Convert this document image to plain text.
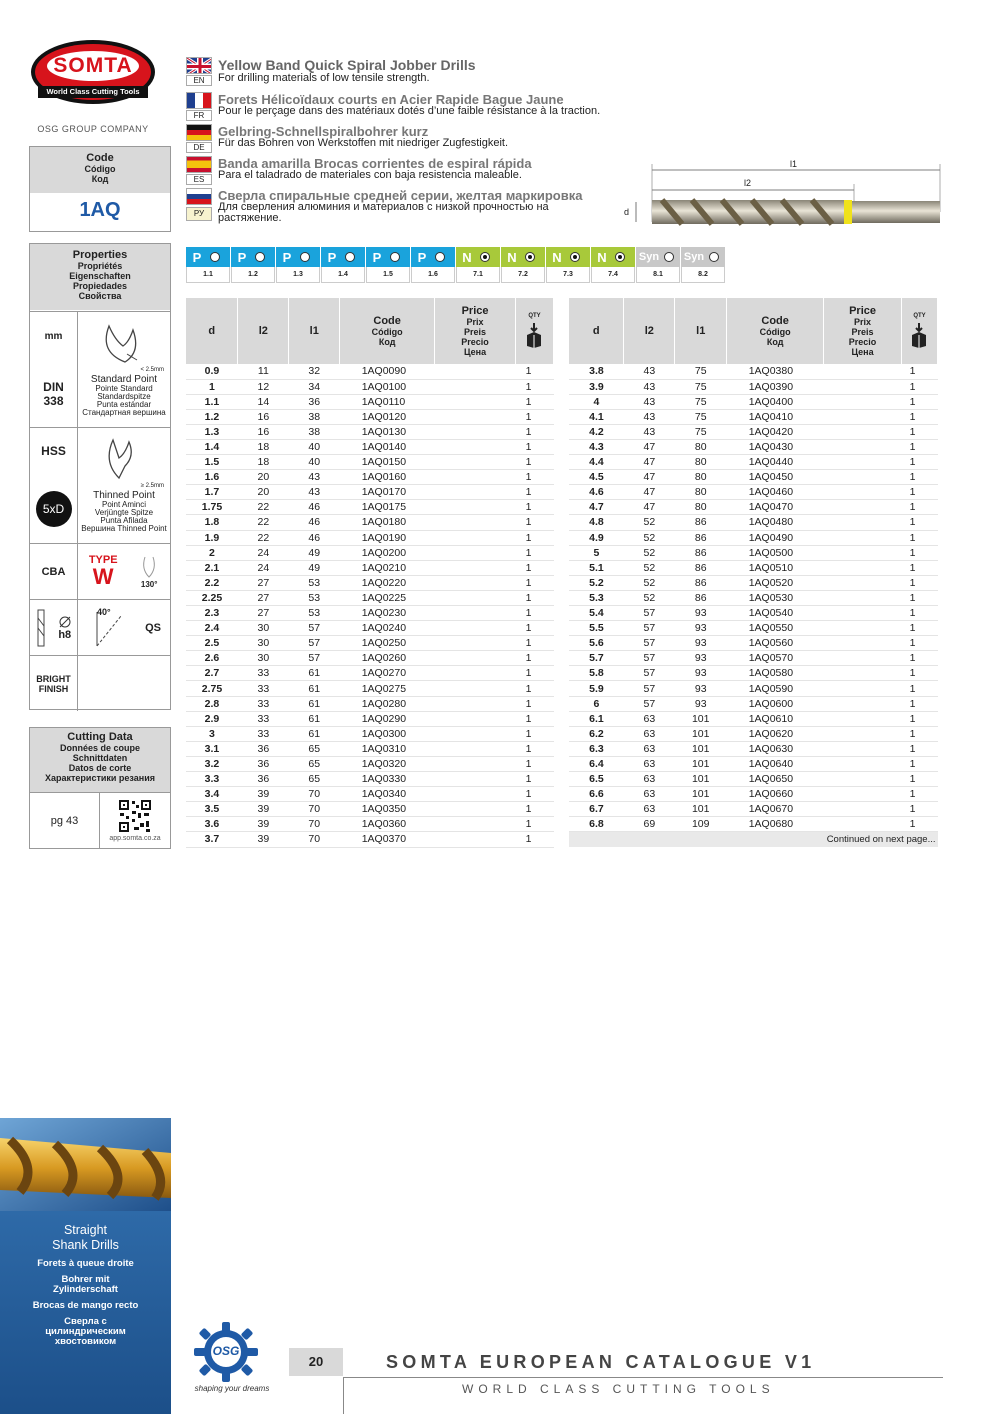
SOMTA
World Class Cutting Tools
OSG GROUP COMPANY
Code
Código
Код
1AQ
Properties
Propriétés
Eigenschaften
Propiedades
Свойства
mm
DIN 338
< 2.5mm
Standard Point
Pointe Standard
Standardspitze
Punta estándar
Стандартная вершина
HSS
5xD
≥ 2.5mm
Thinned Point
Point Aminci
Verjüngte Spitze
Punta Afilada
Вершина Thinned Point
CBA
TYPE
W	130°
h8
40°
QS
BRIGHT FINISH
Cutting Data
Données de coupe
Schnittdaten
Datos de corte
Характеристики резания
pg 43
app.somta.co.za
EN
Yellow Band Quick Spiral Jobber Drills
For drilling materials of low tensile strength.
FR
Forets Hélicoïdaux courts en Acier Rapide Bague Jaune
Pour le perçage dans des matériaux dotés d’une faible résistance à la traction.
DE
Gelbring-Schnellspiralbohrer kurz
Für das Bohren von Werkstoffen mit niedriger Zugfestigkeit.
ES
Banda amarilla Brocas corrientes de espiral rápida
Para el taladrado de materiales con baja resistencia maleable.
РУ
Сверла спиральные средней серии, желтая маркировка
Для сверления алюминия и материалов с низкой прочностью на
растяжение.
l1
l2
d
P
1.1
P
1.2
P
1.3
P
1.4
P
1.5
P
1.6
N
7.1
N
7.2
N
7.3
N
7.4
Syn
8.1
Syn
8.2
d	l2	l1	Code
Código
Код	Price
Prix
Preis
Precio
Цена	QTY

0.9	11	32	1AQ0090		1
1	12	34	1AQ0100		1
1.1	14	36	1AQ0110		1
1.2	16	38	1AQ0120		1
1.3	16	38	1AQ0130		1
1.4	18	40	1AQ0140		1
1.5	18	40	1AQ0150		1
1.6	20	43	1AQ0160		1
1.7	20	43	1AQ0170		1
1.75	22	46	1AQ0175		1
1.8	22	46	1AQ0180		1
1.9	22	46	1AQ0190		1
2	24	49	1AQ0200		1
2.1	24	49	1AQ0210		1
2.2	27	53	1AQ0220		1
2.25	27	53	1AQ0225		1
2.3	27	53	1AQ0230		1
2.4	30	57	1AQ0240		1
2.5	30	57	1AQ0250		1
2.6	30	57	1AQ0260		1
2.7	33	61	1AQ0270		1
2.75	33	61	1AQ0275		1
2.8	33	61	1AQ0280		1
2.9	33	61	1AQ0290		1
3	33	61	1AQ0300		1
3.1	36	65	1AQ0310		1
3.2	36	65	1AQ0320		1
3.3	36	65	1AQ0330		1
3.4	39	70	1AQ0340		1
3.5	39	70	1AQ0350		1
3.6	39	70	1AQ0360		1
3.7	39	70	1AQ0370		1
d	l2	l1	Code
Código
Код	Price
Prix
Preis
Precio
Цена	QTY

3.8	43	75	1AQ0380		1
3.9	43	75	1AQ0390		1
4	43	75	1AQ0400		1
4.1	43	75	1AQ0410		1
4.2	43	75	1AQ0420		1
4.3	47	80	1AQ0430		1
4.4	47	80	1AQ0440		1
4.5	47	80	1AQ0450		1
4.6	47	80	1AQ0460		1
4.7	47	80	1AQ0470		1
4.8	52	86	1AQ0480		1
4.9	52	86	1AQ0490		1
5	52	86	1AQ0500		1
5.1	52	86	1AQ0510		1
5.2	52	86	1AQ0520		1
5.3	52	86	1AQ0530		1
5.4	57	93	1AQ0540		1
5.5	57	93	1AQ0550		1
5.6	57	93	1AQ0560		1
5.7	57	93	1AQ0570		1
5.8	57	93	1AQ0580		1
5.9	57	93	1AQ0590		1
6	57	93	1AQ0600		1
6.1	63	101	1AQ0610		1
6.2	63	101	1AQ0620		1
6.3	63	101	1AQ0630		1
6.4	63	101	1AQ0640		1
6.5	63	101	1AQ0650		1
6.6	63	101	1AQ0660		1
6.7	63	101	1AQ0670		1
6.8	69	109	1AQ0680		1
Continued on next page...					
Straight
Shank Drills
Forets à queue droite
Bohrer mit
Zylinderschaft
Brocas de mango recto
Сверла с
цилиндрическим
хвостовиком
OSG
shaping your dreams
20	SOMTA EUROPEAN CATALOGUE V1
WORLD CLASS CUTTING TOOLS
